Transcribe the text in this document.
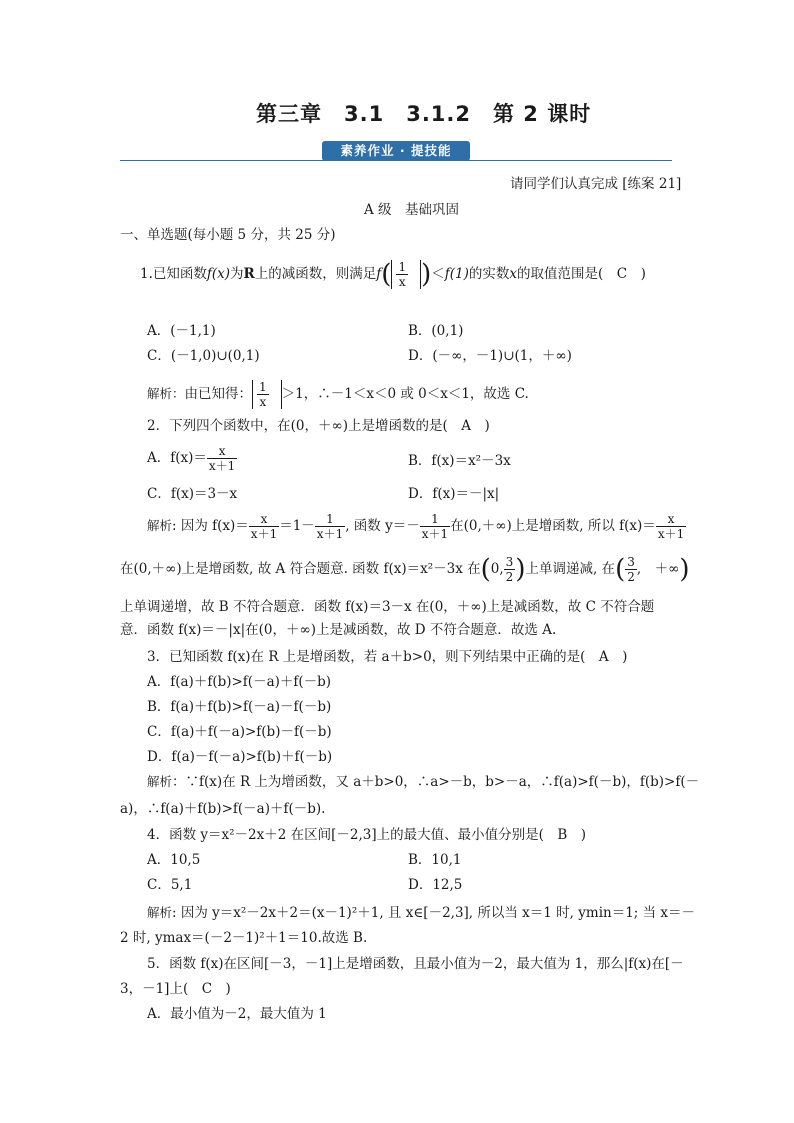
第三章　3.1　3.1.2　第 2 课时
素养作业 · 提技能
请同学们认真完成 [练案 21]
A 级　基础巩固
一、单选题(每小题 5 分，共 25 分)
1.已知函数f(x)为R上的减函数，则满足$f( \frac{1}{x} )<f(1)$的实数x的取值范围是(　C　)
A．(－1,1)	B．(0,1)
C．(－1,0)∪(0,1)	D．(－∞，－1)∪(1，＋∞)
解析：由已知得： $\frac{1}{x} >1$，∴－1＜x＜0 或 0＜x＜1，故选 C.
2．下列四个函数中，在(0，＋∞)上是增函数的是(　A　)
A．$f(x)= \frac{x}{x+1}$	B．f(x)＝x²－3x
C．f(x)＝3－x	D．f(x)＝－|x|
解析: 因为 $f(x)= \frac{x}{x+1} =1- \frac{1}{x+1}$ , 函数 $y=- \frac{1}{x+1}$ 在(0,＋∞)上是增函数, 所以 $f(x)= \frac{x}{x+1}$
在(0,＋∞)上是增函数, 故 A 符合题意. 函数 f(x)＝x²－3x 在(0, $\frac{3}{2}$ )上单调递减, 在( $\frac{3}{2}$ ,　＋∞)
上单调递增，故 B 不符合题意．函数 f(x)＝3－x 在(0，＋∞)上是减函数，故 C 不符合题
意．函数 f(x)＝－|x|在(0，＋∞)上是减函数，故 D 不符合题意．故选 A.
3．已知函数 f(x)在 R 上是增函数，若 a＋b>0，则下列结果中正确的是(　A　)
A．f(a)＋f(b)>f(－a)＋f(－b)
B．f(a)＋f(b)>f(－a)－f(－b)
C．f(a)＋f(－a)>f(b)－f(－b)
D．f(a)－f(－a)>f(b)＋f(－b)
解析：∵f(x)在 R 上为增函数，又 a＋b>0，∴a>－b，b>－a，∴f(a)>f(－b)，f(b)>f(－
a)，∴f(a)＋f(b)>f(－a)＋f(－b).
4．函数 y＝x²－2x＋2 在区间[－2,3]上的最大值、最小值分别是(　B　)
A．10,5	B．10,1
C．5,1	D．12,5
解析: 因为 y＝x²－2x＋2＝(x－1)²＋1, 且 x∈[－2,3], 所以当 x＝1 时, ymin＝1; 当 x＝－
2 时, ymax＝(－2－1)²＋1＝10.故选 B.
5．函数 f(x)在区间[－3，－1]上是增函数，且最小值为－2，最大值为 1，那么|f(x)在[－
3，－1]上(　C　)
A．最小值为－2，最大值为 1
